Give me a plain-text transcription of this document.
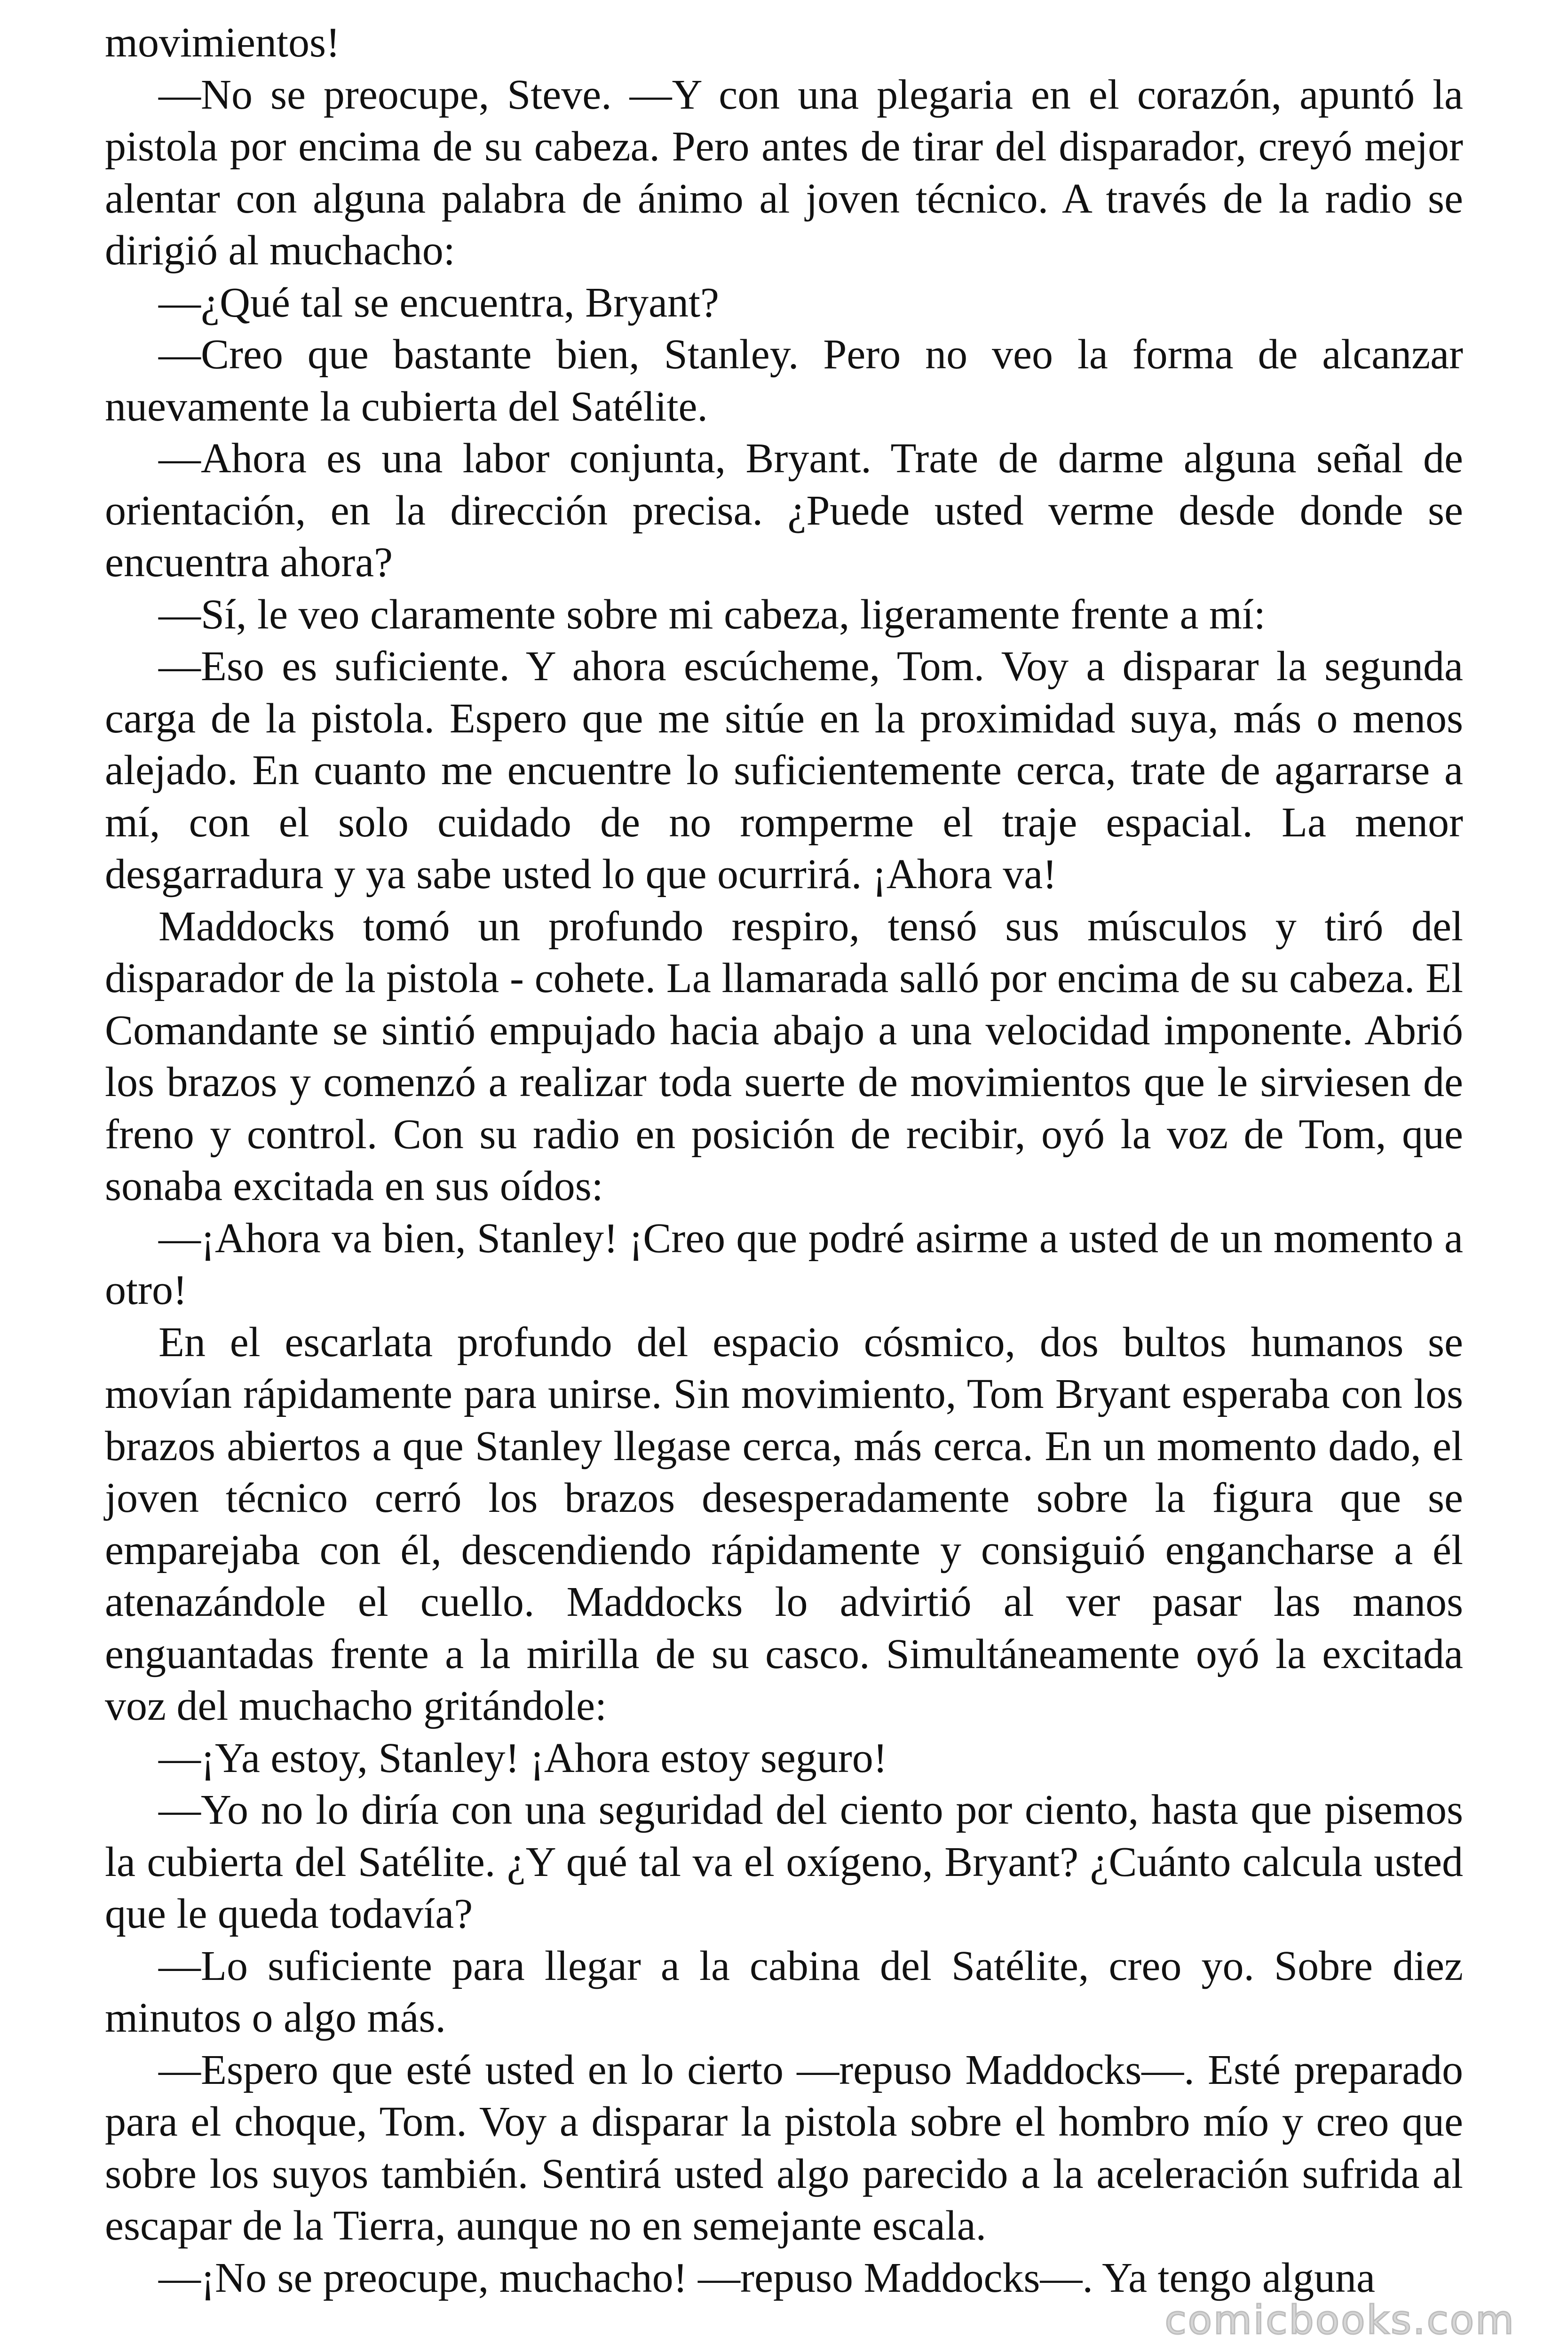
movimientos!

—No se preocupe, Steve. —Y con una plegaria en el corazón, apuntó la pistola por encima de su cabeza. Pero antes de tirar del disparador, creyó mejor alentar con alguna palabra de ánimo al joven técnico. A través de la radio se dirigió al muchacho:

—¿Qué tal se encuentra, Bryant?

—Creo que bastante bien, Stanley. Pero no veo la forma de alcanzar nuevamente la cubierta del Satélite.

—Ahora es una labor conjunta, Bryant. Trate de darme alguna señal de orientación, en la dirección precisa. ¿Puede usted verme desde donde se encuentra ahora?

—Sí, le veo claramente sobre mi cabeza, ligeramente frente a mí:

—Eso es suficiente. Y ahora escúcheme, Tom. Voy a disparar la segunda carga de la pistola. Espero que me sitúe en la proximidad suya, más o menos alejado. En cuanto me encuentre lo suficientemente cerca, trate de agarrarse a mí, con el solo cuidado de no romperme el traje espacial. La menor desgarradura y ya sabe usted lo que ocurrirá. ¡Ahora va!

Maddocks tomó un profundo respiro, tensó sus músculos y tiró del disparador de la pistola - cohete. La llamarada salló por encima de su cabeza. El Comandante se sintió empujado hacia abajo a una velocidad imponente. Abrió los brazos y comenzó a realizar toda suerte de movimientos que le sirviesen de freno y control. Con su radio en posición de recibir, oyó la voz de Tom, que sonaba excitada en sus oídos:

—¡Ahora va bien, Stanley! ¡Creo que podré asirme a usted de un momento a otro!

En el escarlata profundo del espacio cósmico, dos bultos humanos se movían rápidamente para unirse. Sin movimiento, Tom Bryant esperaba con los brazos abiertos a que Stanley llegase cerca, más cerca. En un momento dado, el joven técnico cerró los brazos desesperadamente sobre la figura que se emparejaba con él, descendiendo rápidamente y consiguió engancharse a él atenazándole el cuello. Maddocks lo advirtió al ver pasar las manos enguantadas frente a la mirilla de su casco. Simultáneamente oyó la excitada voz del muchacho gritándole:

—¡Ya estoy, Stanley! ¡Ahora estoy seguro!

—Yo no lo diría con una seguridad del ciento por ciento, hasta que pisemos la cubierta del Satélite. ¿Y qué tal va el oxígeno, Bryant? ¿Cuánto calcula usted que le queda todavía?

—Lo suficiente para llegar a la cabina del Satélite, creo yo. Sobre diez minutos o algo más.

—Espero que esté usted en lo cierto —repuso Maddocks—. Esté preparado para el choque, Tom. Voy a disparar la pistola sobre el hombro mío y creo que sobre los suyos también. Sentirá usted algo parecido a la aceleración sufrida al escapar de la Tierra, aunque no en semejante escala.

—¡No se preocupe, muchacho! —repuso Maddocks—. Ya tengo alguna

comicbooks.com
